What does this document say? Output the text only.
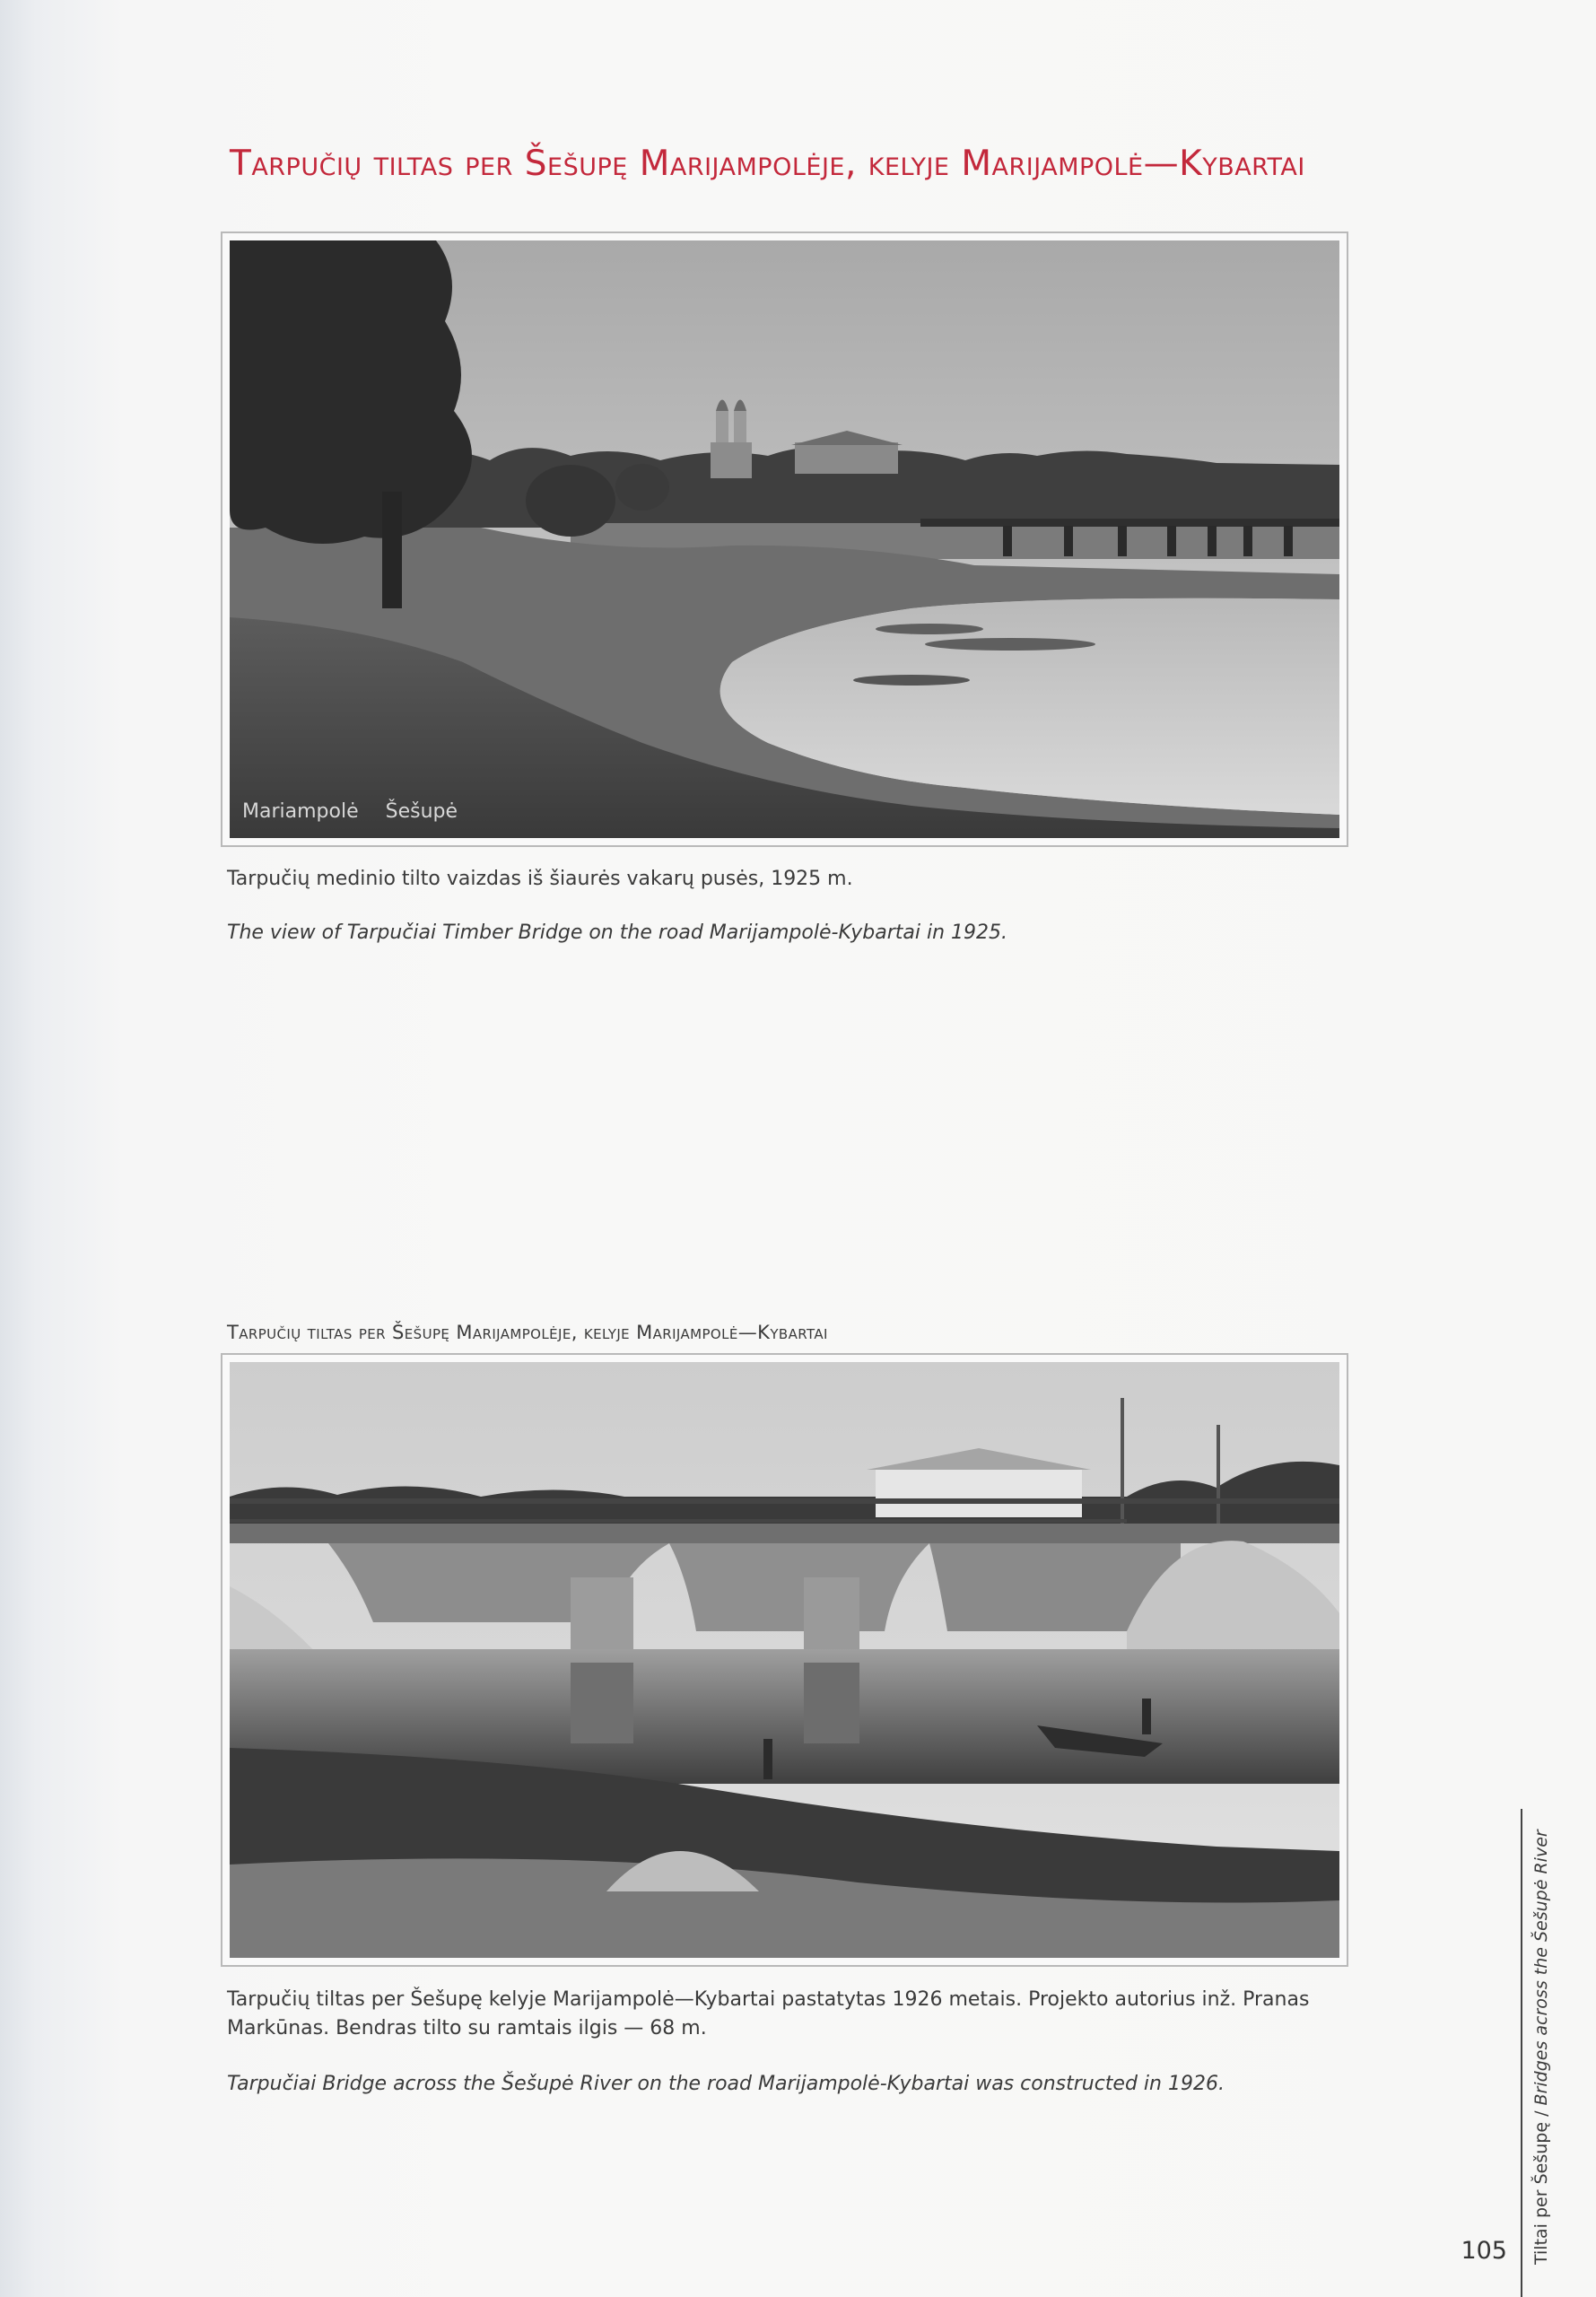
Tarpučių tiltas per Šešupę Marijampolėje, kelyje Marijampolė—Kybartai
Mariampolė Šešupė

Tarpučių medinio tilto vaizdas iš šiaurės vakarų pusės, 1925 m.

The view of Tarpučiai Timber Bridge on the road Marijampolė-Kybartai in 1925.

Tarpučių tiltas per Šešupę Marijampolėje, kelyje Marijampolė—Kybartai

Tarpučių tiltas per Šešupę kelyje Marijampolė—Kybartai pastatytas 1926 metais. Projekto autorius inž. Pranas
Markūnas. Bendras tilto su ramtais ilgis — 68 m.

Tarpučiai Bridge across the Šešupė River on the road Marijampolė-Kybartai was constructed in 1926.

Tiltai per Šešupę / Bridges across the Šešupė River
105
